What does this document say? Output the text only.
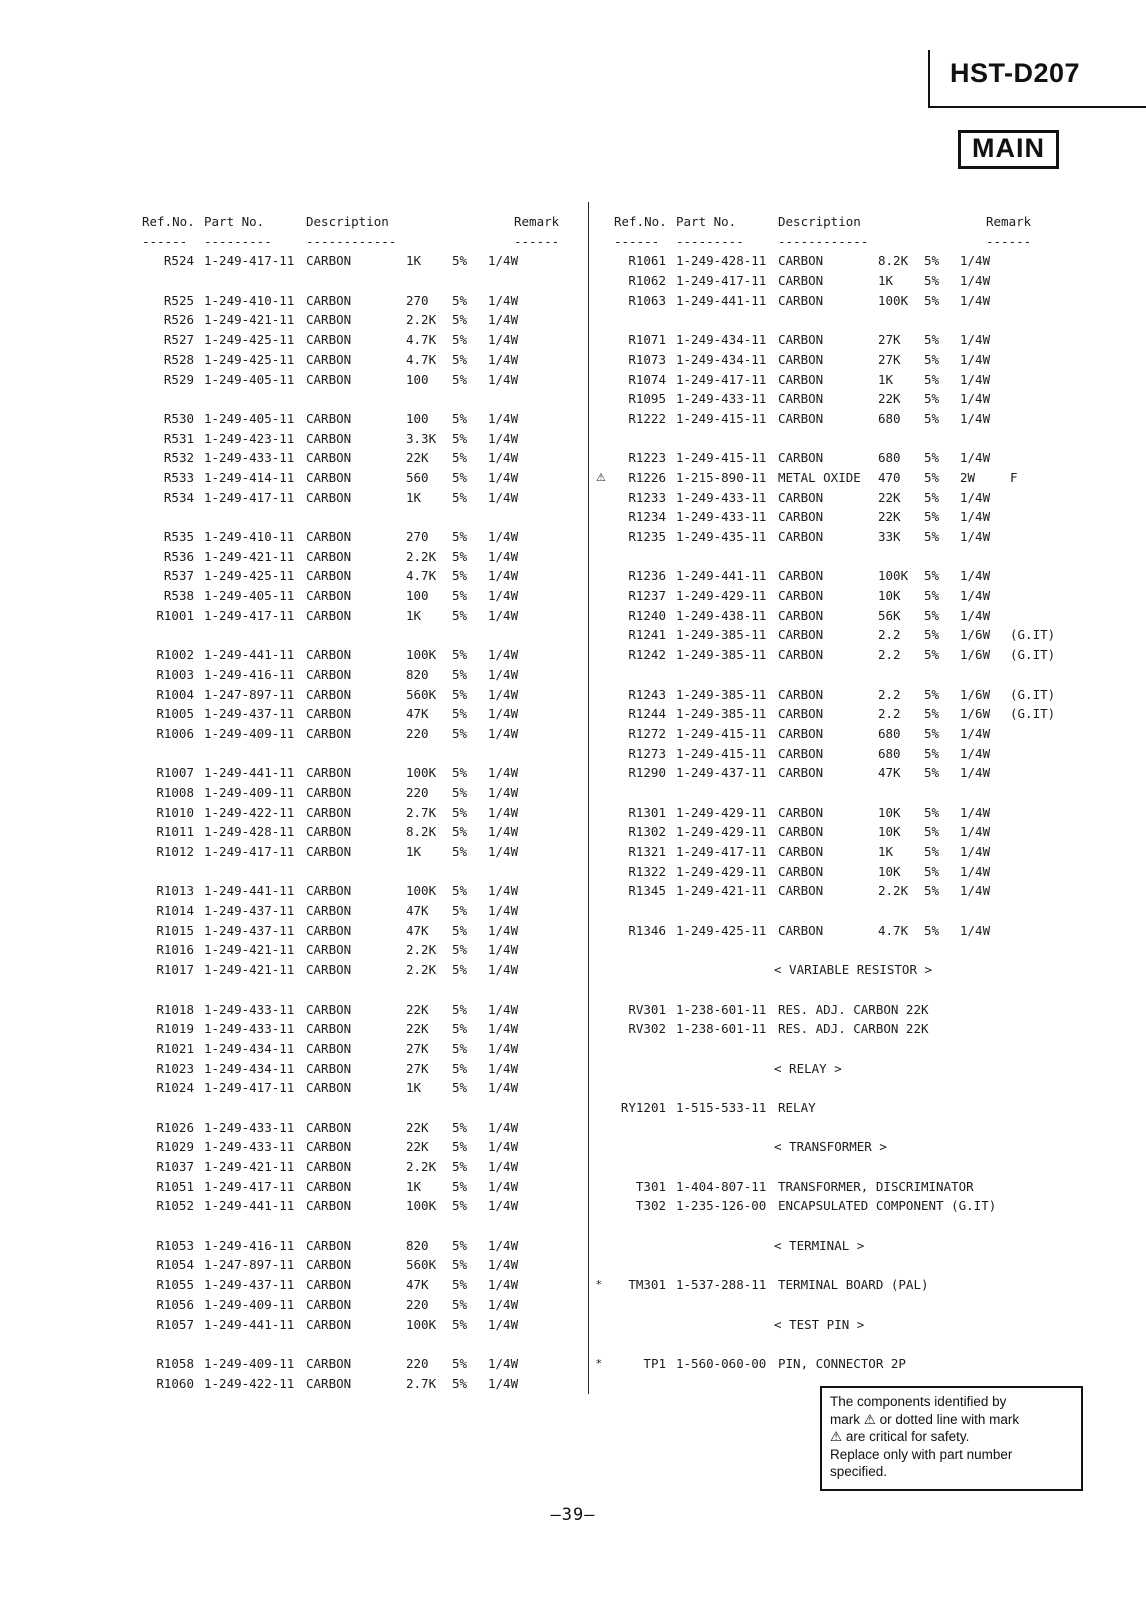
HST-D207
MAIN
Ref.No. Part No.	Description	Remark
------	---------	------------	------
R524 1-249-417-11 CARBON	1K	5%	1/4W
R525 1-249-410-11 CARBON	270	5%	1/4W
R526 1-249-421-11 CARBON	2.2K	5%	1/4W
R527 1-249-425-11 CARBON	4.7K	5%	1/4W
R528 1-249-425-11 CARBON	4.7K	5%	1/4W
R529 1-249-405-11 CARBON	100	5%	1/4W
R530 1-249-405-11 CARBON	100	5%	1/4W
R531 1-249-423-11 CARBON	3.3K	5%	1/4W
R532 1-249-433-11 CARBON	22K	5%	1/4W
R533 1-249-414-11 CARBON	560	5%	1/4W
R534 1-249-417-11 CARBON	1K	5%	1/4W
R535 1-249-410-11 CARBON	270	5%	1/4W
R536 1-249-421-11 CARBON	2.2K	5%	1/4W
R537 1-249-425-11 CARBON	4.7K	5%	1/4W
R538 1-249-405-11 CARBON	100	5%	1/4W
R1001 1-249-417-11 CARBON	1K	5%	1/4W
R1002 1-249-441-11 CARBON	100K	5%	1/4W
R1003 1-249-416-11 CARBON	820	5%	1/4W
R1004 1-247-897-11 CARBON	560K	5%	1/4W
R1005 1-249-437-11 CARBON	47K	5%	1/4W
R1006 1-249-409-11 CARBON	220	5%	1/4W
R1007 1-249-441-11 CARBON	100K	5%	1/4W
R1008 1-249-409-11 CARBON	220	5%	1/4W
R1010 1-249-422-11 CARBON	2.7K	5%	1/4W
R1011 1-249-428-11 CARBON	8.2K	5%	1/4W
R1012 1-249-417-11 CARBON	1K	5%	1/4W
R1013 1-249-441-11 CARBON	100K	5%	1/4W
R1014 1-249-437-11 CARBON	47K	5%	1/4W
R1015 1-249-437-11 CARBON	47K	5%	1/4W
R1016 1-249-421-11 CARBON	2.2K	5%	1/4W
R1017 1-249-421-11 CARBON	2.2K	5%	1/4W
R1018 1-249-433-11 CARBON	22K	5%	1/4W
R1019 1-249-433-11 CARBON	22K	5%	1/4W
R1021 1-249-434-11 CARBON	27K	5%	1/4W
R1023 1-249-434-11 CARBON	27K	5%	1/4W
R1024 1-249-417-11 CARBON	1K	5%	1/4W
R1026 1-249-433-11 CARBON	22K	5%	1/4W
R1029 1-249-433-11 CARBON	22K	5%	1/4W
R1037 1-249-421-11 CARBON	2.2K	5%	1/4W
R1051 1-249-417-11 CARBON	1K	5%	1/4W
R1052 1-249-441-11 CARBON	100K	5%	1/4W
R1053 1-249-416-11 CARBON	820	5%	1/4W
R1054 1-247-897-11 CARBON	560K	5%	1/4W
R1055 1-249-437-11 CARBON	47K	5%	1/4W
R1056 1-249-409-11 CARBON	220	5%	1/4W
R1057 1-249-441-11 CARBON	100K	5%	1/4W
R1058 1-249-409-11 CARBON	220	5%	1/4W
R1060 1-249-422-11 CARBON	2.7K	5%	1/4W
Ref.No. Part No.	Description	Remark
------	---------	------------	------
R1061 1-249-428-11 CARBON	8.2K	5%	1/4W
R1062 1-249-417-11 CARBON	1K	5%	1/4W
R1063 1-249-441-11 CARBON	100K	5%	1/4W
R1071 1-249-434-11 CARBON	27K	5%	1/4W
R1073 1-249-434-11 CARBON	27K	5%	1/4W
R1074 1-249-417-11 CARBON	1K	5%	1/4W
R1095 1-249-433-11 CARBON	22K	5%	1/4W
R1222 1-249-415-11 CARBON	680	5%	1/4W
R1223 1-249-415-11 CARBON	680	5%	1/4W
⚠	R1226 1-215-890-11 METAL OXIDE	470	5%	2W	F
R1233 1-249-433-11 CARBON	22K	5%	1/4W
R1234 1-249-433-11 CARBON	22K	5%	1/4W
R1235 1-249-435-11 CARBON	33K	5%	1/4W
R1236 1-249-441-11 CARBON	100K	5%	1/4W
R1237 1-249-429-11 CARBON	10K	5%	1/4W
R1240 1-249-438-11 CARBON	56K	5%	1/4W
R1241 1-249-385-11 CARBON	2.2	5%	1/6W	(G.IT)
R1242 1-249-385-11 CARBON	2.2	5%	1/6W	(G.IT)
R1243 1-249-385-11 CARBON	2.2	5%	1/6W	(G.IT)
R1244 1-249-385-11 CARBON	2.2	5%	1/6W	(G.IT)
R1272 1-249-415-11 CARBON	680	5%	1/4W
R1273 1-249-415-11 CARBON	680	5%	1/4W
R1290 1-249-437-11 CARBON	47K	5%	1/4W
R1301 1-249-429-11 CARBON	10K	5%	1/4W
R1302 1-249-429-11 CARBON	10K	5%	1/4W
R1321 1-249-417-11 CARBON	1K	5%	1/4W
R1322 1-249-429-11 CARBON	10K	5%	1/4W
R1345 1-249-421-11 CARBON	2.2K	5%	1/4W
R1346 1-249-425-11 CARBON	4.7K	5%	1/4W
< VARIABLE RESISTOR >
RV301 1-238-601-11 RES. ADJ. CARBON 22K
RV302 1-238-601-11 RES. ADJ. CARBON 22K
< RELAY >
RY1201 1-515-533-11 RELAY
< TRANSFORMER >
T301 1-404-807-11 TRANSFORMER, DISCRIMINATOR
T302 1-235-126-00 ENCAPSULATED COMPONENT (G.IT)
< TERMINAL >
*	TM301 1-537-288-11 TERMINAL BOARD (PAL)
< TEST PIN >
*	TP1 1-560-060-00 PIN, CONNECTOR 2P
The components identified by
mark ⚠ or dotted line with mark
⚠ are critical for safety.
Replace only with part number
specified.
—39—
